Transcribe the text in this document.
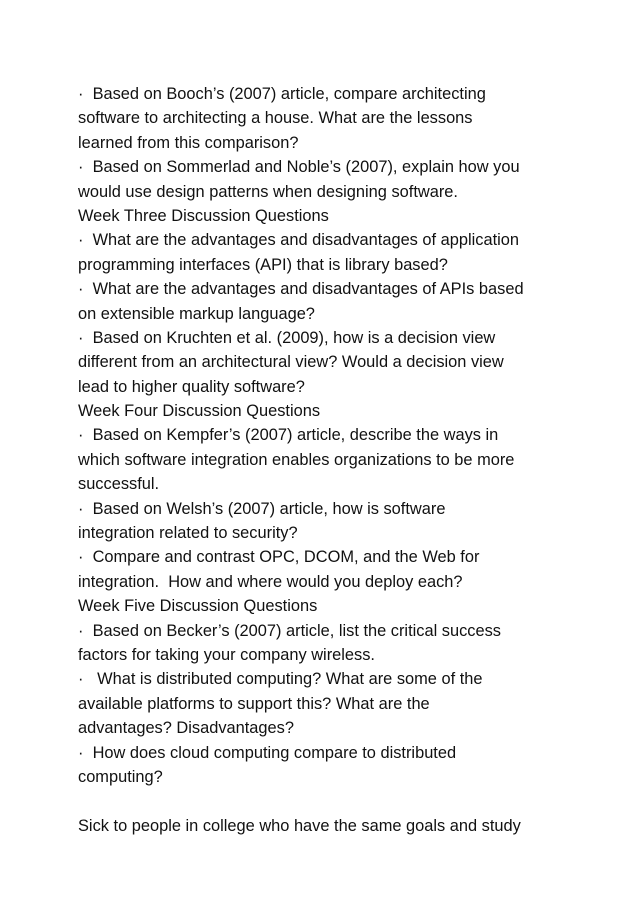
·  Based on Booch’s (2007) article, compare architecting
software to architecting a house. What are the lessons
learned from this comparison?
·  Based on Sommerlad and Noble’s (2007), explain how you
would use design patterns when designing software.
Week Three Discussion Questions
·  What are the advantages and disadvantages of application
programming interfaces (API) that is library based?
·  What are the advantages and disadvantages of APIs based
on extensible markup language?
·  Based on Kruchten et al. (2009), how is a decision view
different from an architectural view? Would a decision view
lead to higher quality software?
Week Four Discussion Questions
·  Based on Kempfer’s (2007) article, describe the ways in
which software integration enables organizations to be more
successful.
·  Based on Welsh’s (2007) article, how is software
integration related to security?
·  Compare and contrast OPC, DCOM, and the Web for
integration.  How and where would you deploy each?
Week Five Discussion Questions
·  Based on Becker’s (2007) article, list the critical success
factors for taking your company wireless.
·   What is distributed computing? What are some of the
available platforms to support this? What are the
advantages? Disadvantages?
·  How does cloud computing compare to distributed
computing?
Sick to people in college who have the same goals and study
